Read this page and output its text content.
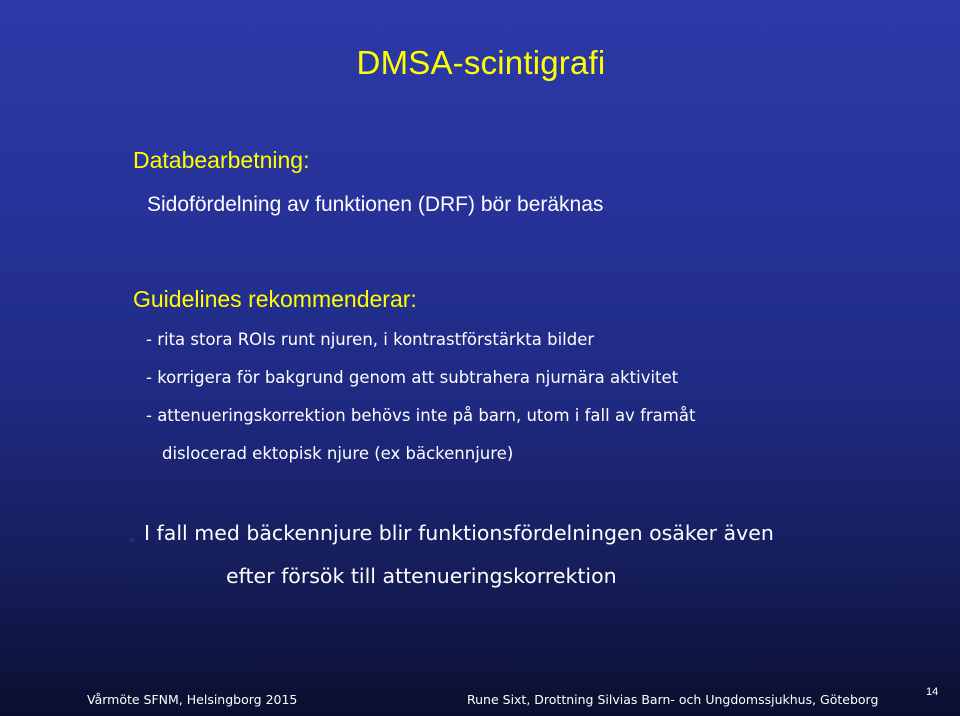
DMSA-scintigrafi
Databearbetning:
Sidofördelning av funktionen (DRF) bör beräknas
Guidelines rekommenderar:
- rita stora ROIs runt njuren, i kontrastförstärkta bilder
- korrigera för bakgrund genom att subtrahera njurnära aktivitet
- attenueringskorrektion behövs inte på barn, utom i fall av framåt
dislocerad ektopisk njure (ex bäckennjure)
I fall med bäckennjure blir funktionsfördelningen osäker även
efter försök till attenueringskorrektion
Vårmöte SFNM, Helsingborg 2015	Rune Sixt, Drottning Silvias Barn- och Ungdomssjukhus, Göteborg	14
